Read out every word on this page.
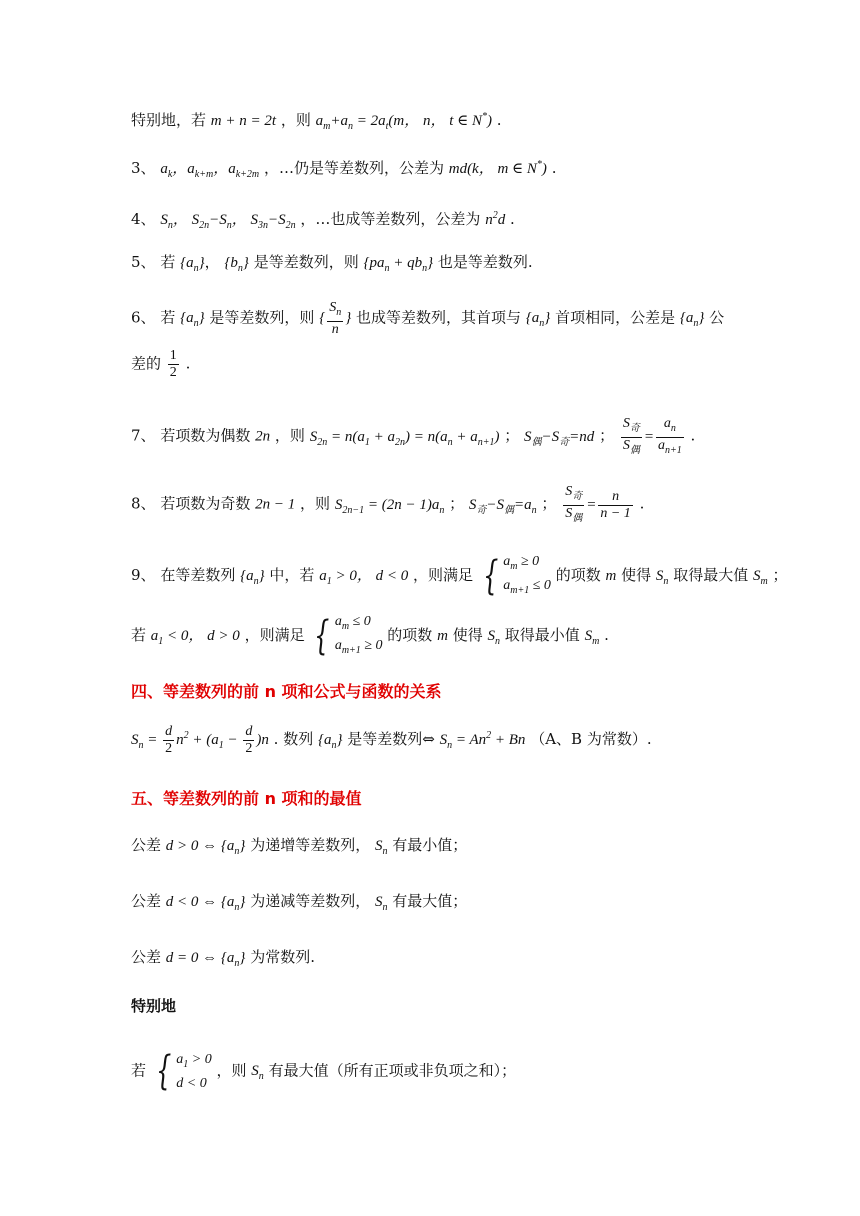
特别地，若 m + n = 2t ，则 $a_m+a_n = 2a_t(m$， n， t ∈ N*) .
3、 $a_k$，$a_{k+m}$，$a_{k+2m}$ ，…仍是等差数列，公差为 md(k， m ∈ N*) .
4、 $S_n$， $S_{2n}-S_n$， $S_{3n}-S_{2n}$ ，…也成等差数列，公差为 $n^2d$ .
5、 若 $\{a_n\}$， $\{b_n\}$ 是等差数列，则 $\{pa_n + qb_n\}$ 也是等差数列.
6、 若 $\{a_n\}$ 是等差数列，则 { $\frac{S_n}{n}$ } 也成等差数列，其首项与 $\{a_n\}$ 首项相同，公差是 $\{a_n\}$ 公
差的 $\frac{1}{2}$ .
7、 若项数为偶数 2n ，则 $S_{2n} = n(a_1 + a_{2n}) = n(a_n + a_{n+1})$ ； $S_偶-S_奇=nd$ ； $\frac{S_奇}{S_偶} = \frac{a_n}{a_{n+1}}$ .
8、 若项数为奇数 2n − 1 ，则 $S_{2n-1} = (2n - 1)a_n$ ； $S_奇-S_偶=a_n$ ； $\frac{S_奇}{S_偶} = \frac{n}{n - 1}$ .
9、 在等差数列 $\{a_n\}$ 中，若 $a_1 > 0$， d < 0 ，则满足 { $a_m \ge 0$
$a_{m+1} \le 0$ 的项数 m 使得 $S_n$ 取得最大值 $S_m$ ；
若 $a_1 < 0$， d > 0 ，则满足 { $a_m \le 0$
$a_{m+1} \ge 0$ 的项数 m 使得 $S_n$ 取得最小值 $S_m$ .
四、等差数列的前 n 项和公式与函数的关系
$S_n = \frac{d}{2} n^2 + (a_1 - \frac{d}{2} )n$ . 数列 $\{a_n\}$ 是等差数列⇔ $S_n = An^2 + Bn$ （A、B 为常数）.
五、等差数列的前 n 项和的最值
公差 d > 0 ⇔ $\{a_n\}$ 为递增等差数列， $S_n$ 有最小值；
公差 d < 0 ⇔ $\{a_n\}$ 为递减等差数列， $S_n$ 有最大值；
公差 d = 0 ⇔ $\{a_n\}$ 为常数列.
特别地
若 { $a_1 > 0$
d < 0 ，则 $S_n$ 有最大值（所有正项或非负项之和）；
